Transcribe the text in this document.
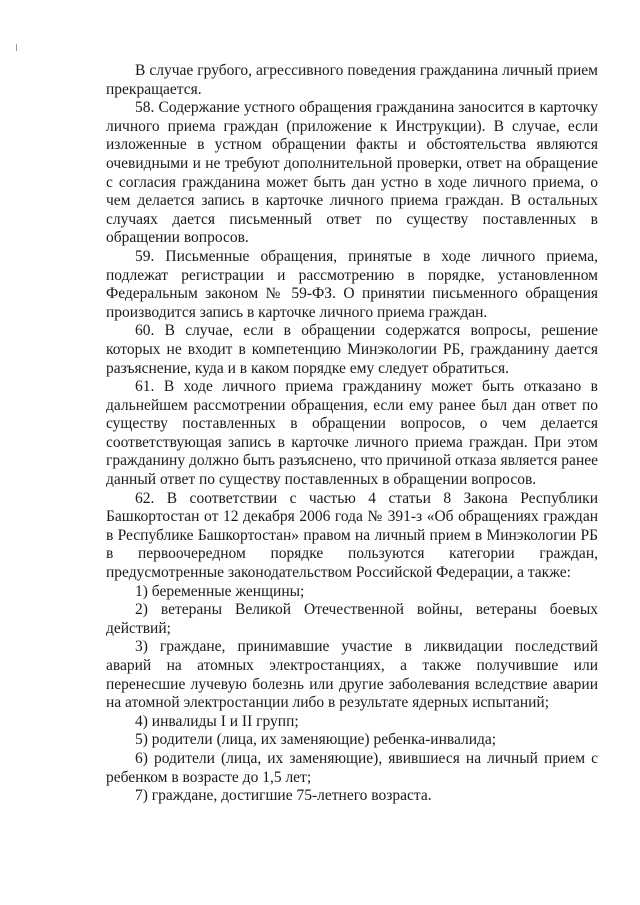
В случае грубого, агрессивного поведения гражданина личный прием прекращается.

58. Содержание устного обращения гражданина заносится в карточку личного приема граждан (приложение к Инструкции). В случае, если изложенные в устном обращении факты и обстоятельства являются очевидными и не требуют дополнительной проверки, ответ на обращение с согласия гражданина может быть дан устно в ходе личного приема, о чем делается запись в карточке личного приема граждан. В остальных случаях дается письменный ответ по существу поставленных в обращении вопросов.

59. Письменные обращения, принятые в ходе личного приема, подлежат регистрации и рассмотрению в порядке, установленном Федеральным законом № 59-ФЗ. О принятии письменного обращения производится запись в карточке личного приема граждан.

60. В случае, если в обращении содержатся вопросы, решение которых не входит в компетенцию Минэкологии РБ, гражданину дается разъяснение, куда и в каком порядке ему следует обратиться.

61. В ходе личного приема гражданину может быть отказано в дальнейшем рассмотрении обращения, если ему ранее был дан ответ по существу поставленных в обращении вопросов, о чем делается соответствующая запись в карточке личного приема граждан. При этом гражданину должно быть разъяснено, что причиной отказа является ранее данный ответ по существу поставленных в обращении вопросов.

62. В соответствии с частью 4 статьи 8 Закона Республики Башкортостан от 12 декабря 2006 года № 391-з «Об обращениях граждан в Республике Башкортостан» правом на личный прием в Минэкологии РБ в первоочередном порядке пользуются категории граждан, предусмотренные законодательством Российской Федерации, а также:

1) беременные женщины;

2) ветераны Великой Отечественной войны, ветераны боевых действий;

3) граждане, принимавшие участие в ликвидации последствий аварий на атомных электростанциях, а также получившие или перенесшие лучевую болезнь или другие заболевания вследствие аварии на атомной электростанции либо в результате ядерных испытаний;

4) инвалиды I и II групп;

5) родители (лица, их заменяющие) ребенка-инвалида;

6) родители (лица, их заменяющие), явившиеся на личный прием с ребенком в возрасте до 1,5 лет;

7) граждане, достигшие 75-летнего возраста.
